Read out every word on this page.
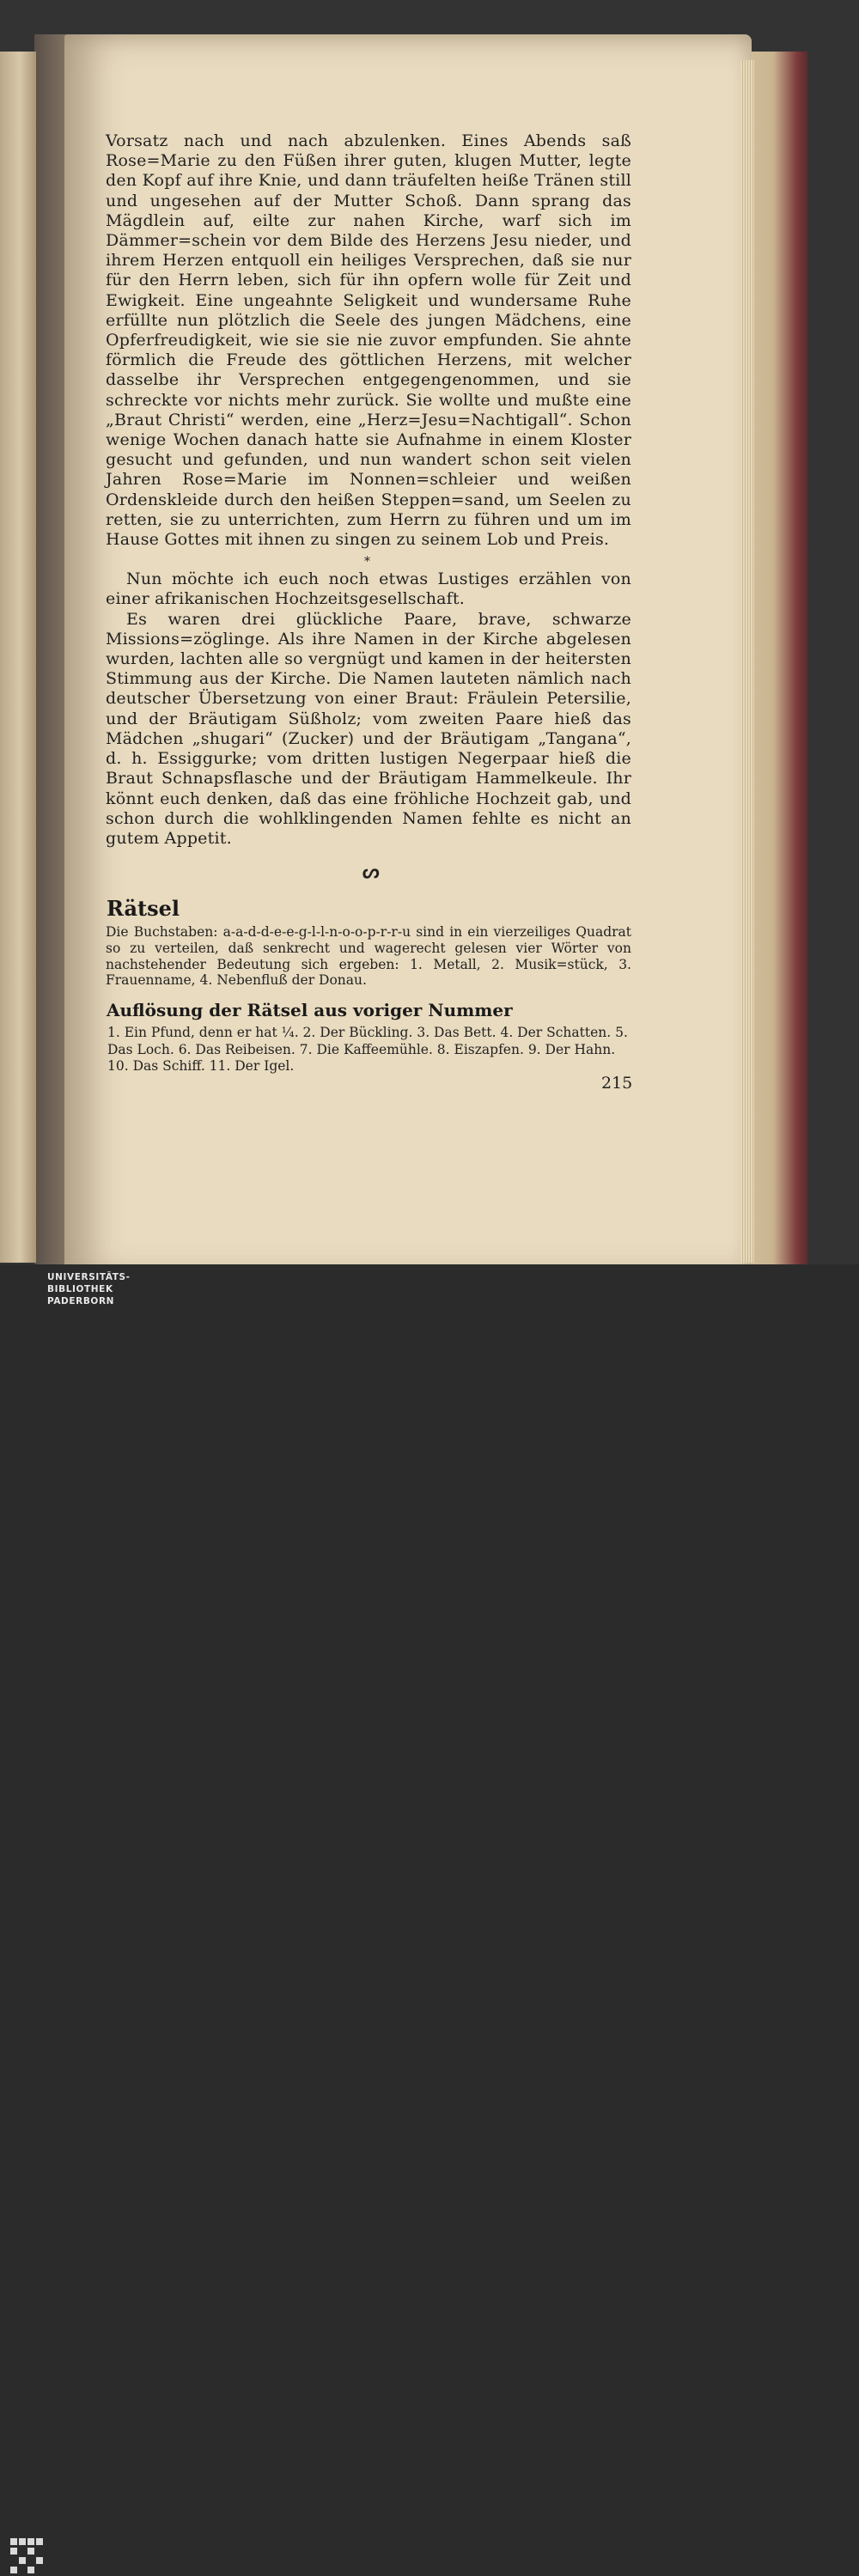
Vorsatz nach und nach abzulenken. Eines Abends saß Rose=Marie zu den Füßen ihrer guten, klugen Mutter, legte den Kopf auf ihre Knie, und dann träufelten heiße Tränen still und ungesehen auf der Mutter Schoß. Dann sprang das Mägdlein auf, eilte zur nahen Kirche, warf sich im Dämmer=schein vor dem Bilde des Herzens Jesu nieder, und ihrem Herzen entquoll ein heiliges Versprechen, daß sie nur für den Herrn leben, sich für ihn opfern wolle für Zeit und Ewigkeit. Eine ungeahnte Seligkeit und wundersame Ruhe erfüllte nun plötzlich die Seele des jungen Mädchens, eine Opferfreudigkeit, wie sie sie nie zuvor empfunden. Sie ahnte förmlich die Freude des göttlichen Herzens, mit welcher dasselbe ihr Versprechen entgegengenommen, und sie schreckte vor nichts mehr zurück. Sie wollte und mußte eine „Braut Christi“ werden, eine „Herz=Jesu=Nachtigall“. Schon wenige Wochen danach hatte sie Aufnahme in einem Kloster gesucht und gefunden, und nun wandert schon seit vielen Jahren Rose=Marie im Nonnen=schleier und weißen Ordenskleide durch den heißen Steppen=sand, um Seelen zu retten, sie zu unterrichten, zum Herrn zu führen und um im Hause Gottes mit ihnen zu singen zu seinem Lob und Preis.

Nun möchte ich euch noch etwas Lustiges erzählen von einer afrikanischen Hochzeitsgesellschaft.

Es waren drei glückliche Paare, brave, schwarze Missions=zöglinge. Als ihre Namen in der Kirche abgelesen wurden, lachten alle so vergnügt und kamen in der heitersten Stimmung aus der Kirche. Die Namen lauteten nämlich nach deutscher Übersetzung von einer Braut: Fräulein Petersilie, und der Bräutigam Süßholz; vom zweiten Paare hieß das Mädchen „shugari“ (Zucker) und der Bräutigam „Tangana“, d. h. Essiggurke; vom dritten lustigen Negerpaar hieß die Braut Schnapsflasche und der Bräutigam Hammelkeule. Ihr könnt euch denken, daß das eine fröhliche Hochzeit gab, und schon durch die wohlklingenden Namen fehlte es nicht an gutem Appetit.

*
ᔕ
Rätsel
Die Buchstaben: a-a-d-d-e-e-g-l-l-n-o-o-p-r-r-u sind in ein vierzeiliges Quadrat so zu verteilen, daß senkrecht und wagerecht gelesen vier Wörter von nachstehender Bedeutung sich ergeben: 1. Metall, 2. Musik=stück, 3. Frauenname, 4. Nebenfluß der Donau.
Auflösung der Rätsel aus voriger Nummer
1. Ein Pfund, denn er hat ¼. 2. Der Bückling. 3. Das Bett. 4. Der Schatten. 5. Das Loch. 6. Das Reibeisen. 7. Die Kaffeemühle. 8. Eiszapfen. 9. Der Hahn. 10. Das Schiff. 11. Der Igel.
215
UNIVERSITÄTS-
BIBLIOTHEK
PADERBORN
